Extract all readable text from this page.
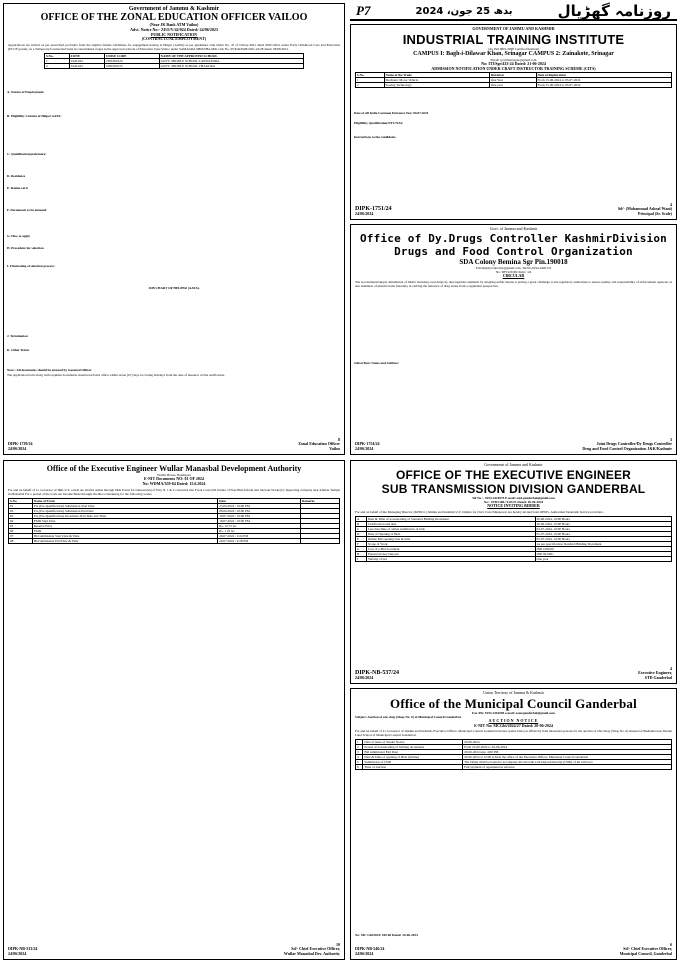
P7	بدھ 25 جون، 2024	روزنامہ گھڑیال
Government of Jammu & Kashmir
OFFICE OF THE ZONAL EDUCATION OFFICER VAILOO
(Near JK Bank ATM Vailoo)
Advt. Notice No:- ZEO/V/42/024 Dated:-24/06/2023
PUBLIC NOTIFICATION
(CONTRACTUAL EMPLOYMENT)
Applications are invited as per prescribed proforma from the eligible female candidates for engagement having at Helper (AAYA) as per guidelines vide Order No. 47 of Chiray-2021 dated 09/01/2021 under Early Childhood Care and Education (ECCE) purely on a Temporary/Contractual basis in consolidated wages in the approved schools of Education Zone Vailoo under SAMAGRA SHIKSHA J&K vide No. SS/Edu/PAB/2021-22/28 dated: 06/06/2021.
S.No.	ZONE	UDISE CODE	NAME OF THE APPROVED SCHOOL
1.	VAILOO	1081001024	GOVT. MIDDLE SCHOOL LAWDAPORA
2.	VAILOO	1081001025	GOVT. MIDDLE SCHOOL CHAKURA

A. Nature of Employment:

B. Eligibility Criteria of Helper AAYA:

C. Qualification/preference:

D. Residence

E. Ration card

F. Documents to be annexed

G. How to apply

H. Procedure for selection

I. Fluctuating of selection process:

JOB CHART OF HELPER (AAYA).

J. Termination

K. Other Terms

Note:- All documents should be attested by Gazetted Officer.

The application form along with requisite documents should reach this office within seven (07) days in closing holidays from the date of issuance of this notification.

DIPK-1739/24
24/06/2024
8
Zonal Education Officer
Vailoo
GOVERNMENT OF JAMMU AND KASHMIR
INDUSTRIAL TRAINING INSTITUTE
(An ISO 9001:2008 Certified Institute)
CAMPUS I: Bagh-i-Dilawar Khan, Srinagar CAMPUS 2: Zainakote, Srinagar
Email: govtitisrinagar@gmail.com
No: ITI/Sgr/433-24 Dated: 21-06-2024
ADMISSION NOTIFICATION UNDER CRAFT INSTRUCTOR TRAINING SCHEME (CITS)
S.No	Name of the Trade	Duration	Date of Registration
1	Mechanic Motor Vehicle	One Year	From 15-06-2024 to 03-07-2024
2	Sewing Technology	One year	From 15-06-2024 to 03-07-2024

Date of All India Common Entrance Test: 06.07.2024

Eligibility Qualification/NTC/NAC

Instructions to the candidates

DIPK-1751/24
24/06/2024
4
Sd/- (Mohammad Ashraf Wani)
Principal (Sr. Scale)
Govt. of Jammu and Kashmir
Office of Dy.Drugs Controller KashmirDivision
Drugs and Food Control Organization
SDA Colony Bemina Sgr Pin.190018
E.mail@dycontroller@gmail.com, Tel.No.0194-2495131
No: DFCO/DDC/Kmr/ /24
CIRCULAR
The Government/supply distribution of J&K's licensing road drugs by unscrupulous elements by adopting unfair means is posing a great challenge to the regulatory authorities to ensure quality and responsibility of enforcement agencies as also members of pharma trade fraternity in curbing the nuisance of drug abuse from a regulation perspective.

Subscribers Name and Address:

DIPK-1754/24
24/06/2024
3
Joint Drugs Controller/Dy Drugs Controller
Drug and Food Control Organization J&K/Kashmir
Office of the Executive Engineer Wullar Manasbal Development Authority
Wullar House, Bandipora
E-NIT Documents NO: 01 OF 2024
No: WDMA/359-64 Dated: 15.6.2024
For and on behalf of Lt. Governor of J&K U.T. e-bids are invited online through J&K Portal for Outsourcing of Way N. 1 & 2 converted into Focal Court (till further of Non-Bids Inform and relevant Works) by inspecting company near Aminar Temple in Mansabal For a period of the work are Income Basis through On-line e-Tendering for the following works.
S.No	Name of Event	Date	Remarks
01	Pre (Pre-Qualification) Submission Start Date	25.06.2024 / 10:00 PM	
02	Pre (Pre-Qualification) Submission End Date	06.06.2024 / 10:00 PM	
03	Pre (Pre-Qualification) Document Start Date and Time	18.07.2024 / 10:00 PM	
04	EMD Start Date	18.07.2024 / 10:00 PM	
05	Reserve Price	Rs. 12.75 lac	
06	EMD	Rs. 1.25 lac	
07	Bid submission Start Date & Time	26.07.2024 / 2:24 PM	
08	Bid submission End Date & Time	26.07.2024 / 2:28 PM	
DIPK-NB-533/24
24/06/2024
10
Sd/- Chief Executive Officer,
Wullar Manasbal Dev. Authority
Government of Jammu and Kashmir
OFFICE OF THE EXECUTIVE ENGINEER
SUB TRANSMISSION DIVISION GANDERBAL
Tel No.:- 0194-2416979 E-mail: estd.ganderbal@gmail.com
No:- STD/GBL/T-03/21 Dated: 20-06-2024
NOTICE INVITING BIDDER
For and on behalf of the Managing Director (KPDCL) Jammu and Kashmir U.T. bidders for Over Crew/Manpower are hereby invited from OEM's, Authorized Dealers& Service providers.
A	Date & Time of downloading of Standard Bidding Document	20-06-2024, 10:00 Hours
B	Clarification end date	20-06-2024, 10:00 Hours
C	Last date/time of online submission of bids	04-07-2024, 16:00 Hours
D	Date of Opening of Bids	05-07-2024, 16:00 Hours
E	Online Bid opening date & time	05-07-2024, 16:00 Hours
F	Scope of Work	As per specification Standard Bidding Document
G	Cost of e-Bid document	INR 1000.00
H	Earnest money Deposit	INR 60,000/-
I	Validity of bid	One year
DIPK-NB-537/24
24/06/2024
4
Executive Engineer,
STD Ganderbal
Union Territory of Jammu & Kashmir
Office of the Municipal Council Ganderbal
Fax /Ph: 0194-2416090 e-mail: eomcganderbal@gmail.com
Subject: Auction of one shop (Shop No: 6) of Municipal Council Ganderbal.
AUCTION NOTICE
E-NIT No: MCGbl/2024/27 Dated: 20-06-2024
For and on behalf of Lt. Governor of Jammu and Kashmir, Executive Officer, Municipal Council Ganderbal invites sealed bids (on affidavit) from interested persons for the auction of One Shop (Shop No. 6) situated at Beehama near Dream Land School of Municipal Council Ganderbal.
1	Date of issue of Tender Notice	20-06-2024
2	Period of downloading of bidding documents	From 22-06-2024 to 29-06-2024
3	Bid submission End Date	29-06-2024 upto 4:00 PM
4	Date & Time of opening of Bids (Online)	29-06-2024 at 12:00 A.M in the office of the Executive Officer, Municipal Council Ganderbal
5	Submission of CDR	The bidder shall be bound to accompany his bid with Call Deposit Receipt (CDR) of Rs 2.00 lacs
6	Time of Auction	Full payment of agreement in advance
No: MC Gbl/2024/ 549-60 Dated: 20-06-2024
DIPK-NB-546/24
24/06/2024
6
Sd/- Chief Executive Officer,
Municipal Council, Ganderbal
